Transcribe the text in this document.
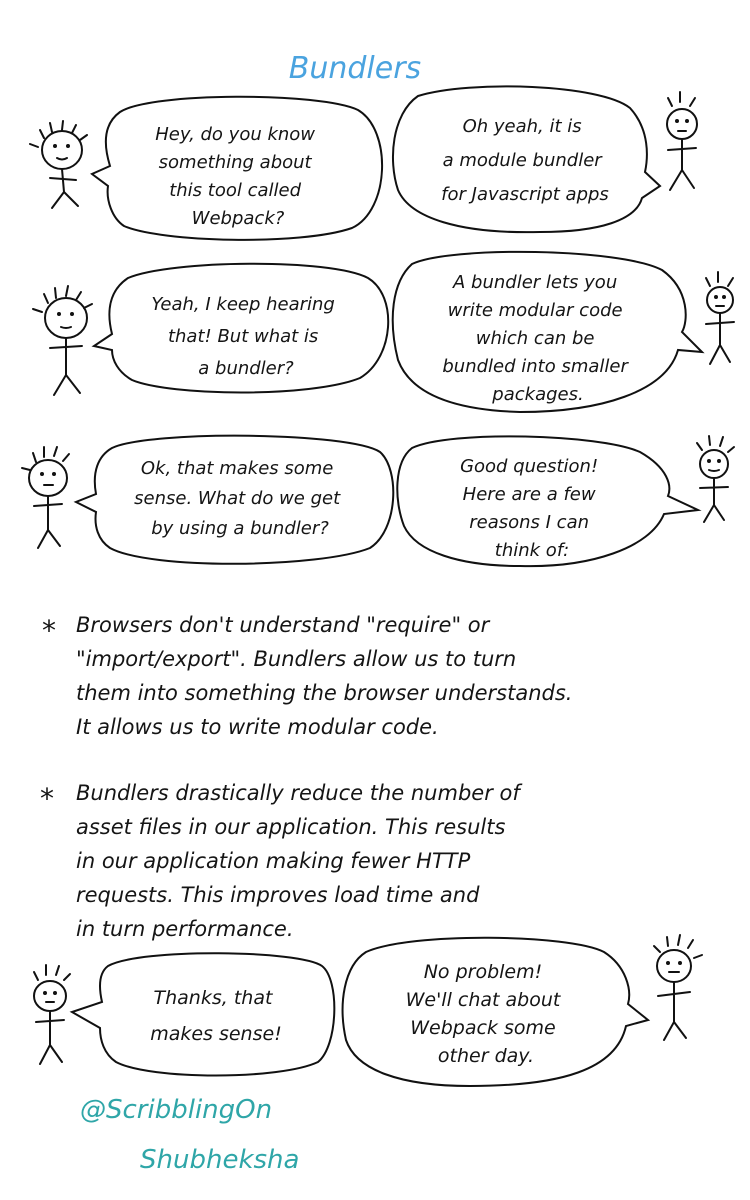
Bundlers
Hey, do you know something about this tool called Webpack?
Oh yeah, it is a module bundler for Javascript apps
Yeah, I keep hearing that! But what is a bundler?
A bundler lets you write modular code which can be bundled into smaller packages.
Ok, that makes some sense. What do we get by using a bundler?
Good question! Here are a few reasons I can think of:
* Browsers don't understand "require" or "import/export". Bundlers allow us to turn them into something the browser understands. It allows us to write modular code.
* Bundlers drastically reduce the number of asset files in our application. This results in our application making fewer HTTP requests. This improves load time and in turn performance.
Thanks, that makes sense!
No problem! We'll chat about Webpack some other day.
@ScribblingOn Shubheksha
